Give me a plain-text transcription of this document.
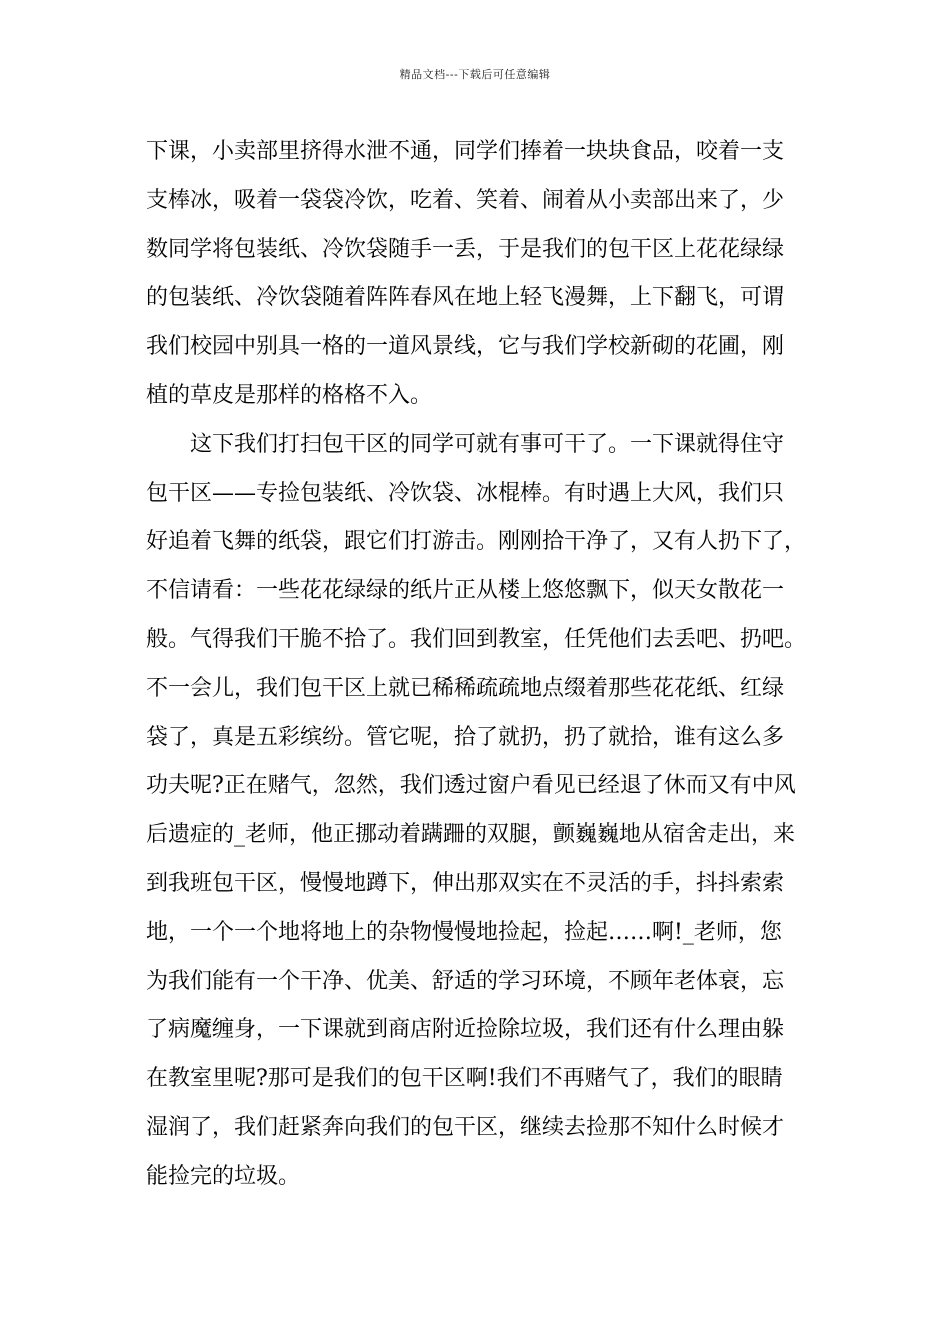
精品文档---下载后可任意编辑
下课，小卖部里挤得水泄不通，同学们捧着一块块食品，咬着一支
支棒冰，吸着一袋袋冷饮，吃着、笑着、闹着从小卖部出来了，少
数同学将包装纸、冷饮袋随手一丢，于是我们的包干区上花花绿绿
的包装纸、冷饮袋随着阵阵春风在地上轻飞漫舞，上下翻飞，可谓
我们校园中别具一格的一道风景线，它与我们学校新砌的花圃，刚
植的草皮是那样的格格不入。
这下我们打扫包干区的同学可就有事可干了。一下课就得住守
包干区——专捡包装纸、冷饮袋、冰棍棒。有时遇上大风，我们只
好追着飞舞的纸袋，跟它们打游击。刚刚拾干净了，又有人扔下了，
不信请看：一些花花绿绿的纸片正从楼上悠悠飘下，似天女散花一
般。气得我们干脆不拾了。我们回到教室，任凭他们去丢吧、扔吧。
不一会儿，我们包干区上就已稀稀疏疏地点缀着那些花花纸、红绿
袋了，真是五彩缤纷。管它呢，拾了就扔，扔了就拾，谁有这么多
功夫呢?正在赌气，忽然，我们透过窗户看见已经退了休而又有中风
后遗症的_老师，他正挪动着蹒跚的双腿，颤巍巍地从宿舍走出，来
到我班包干区，慢慢地蹲下，伸出那双实在不灵活的手，抖抖索索
地，一个一个地将地上的杂物慢慢地捡起，捡起……啊!_老师，您
为我们能有一个干净、优美、舒适的学习环境，不顾年老体衰，忘
了病魔缠身，一下课就到商店附近捡除垃圾，我们还有什么理由躲
在教室里呢?那可是我们的包干区啊!我们不再赌气了，我们的眼睛
湿润了，我们赶紧奔向我们的包干区，继续去捡那不知什么时候才
能捡完的垃圾。
